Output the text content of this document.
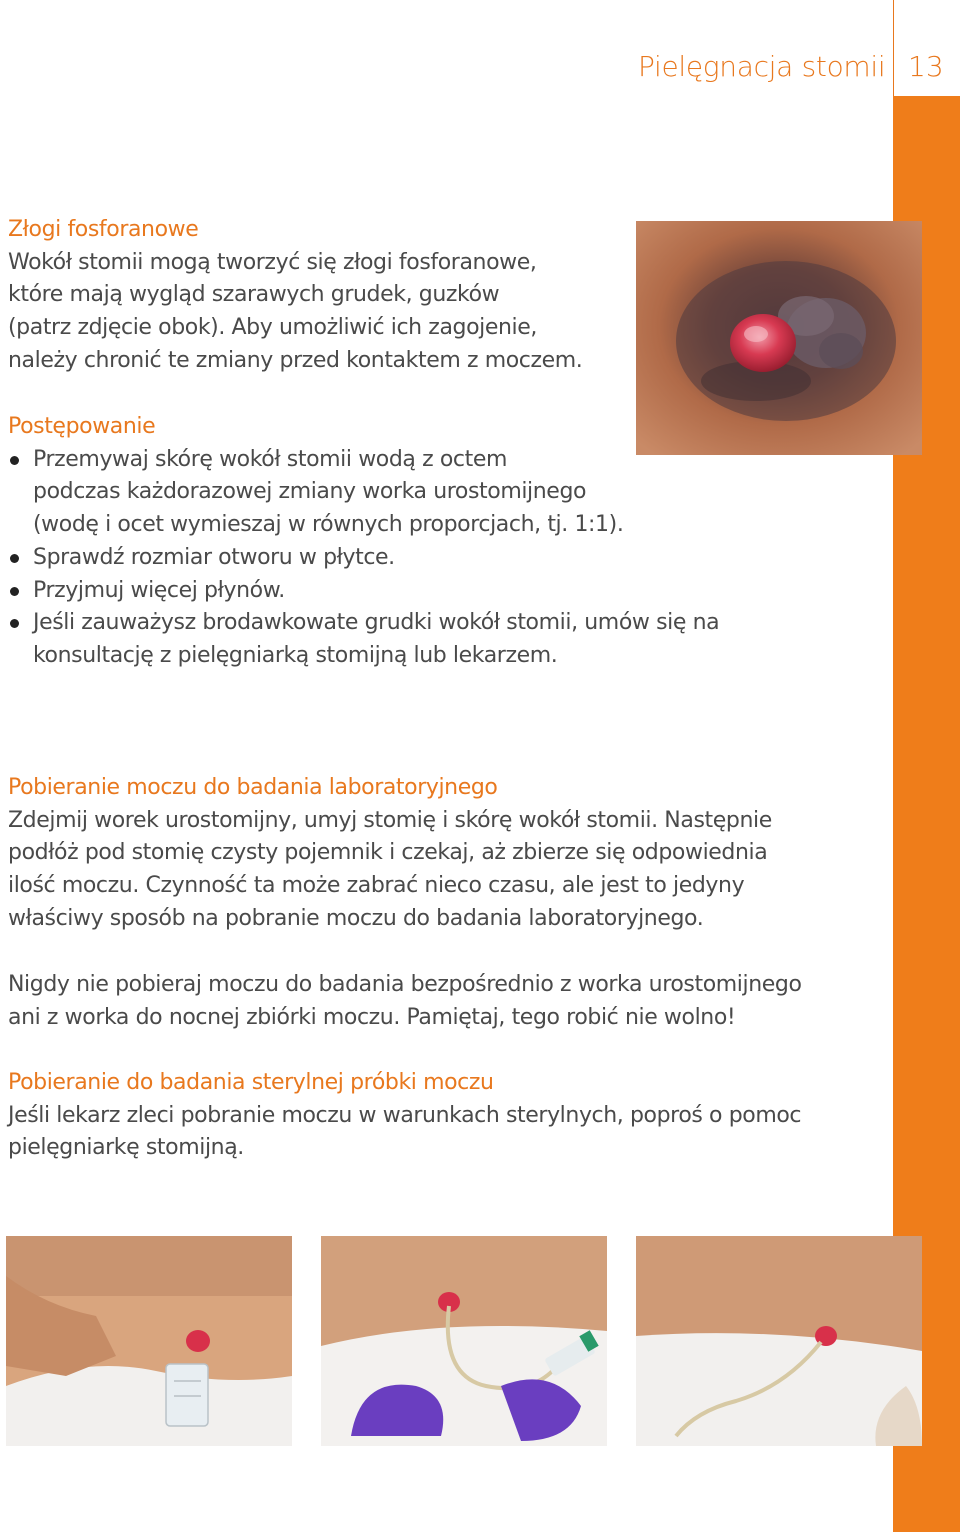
Pielęgnacja stomii 13

Złogi fosforanowe

Wokół stomii mogą tworzyć się złogi fosforanowe,

które mają wygląd szarawych grudek, guzków

(patrz zdjęcie obok). Aby umożliwić ich zagojenie,

należy chronić te zmiany przed kontaktem z moczem.

Postępowanie

Przemywaj skórę wokół stomii wodą z octem
podczas każdorazowej zmiany worka urostomijnego
(wodę i ocet wymieszaj w równych proporcjach, tj. 1:1).
Sprawdź rozmiar otworu w płytce.
Przyjmuj więcej płynów.
Jeśli zauważysz brodawkowate grudki wokół stomii, umów się na
konsultację z pielęgniarką stomijną lub lekarzem.

Pobieranie moczu do badania laboratoryjnego

Zdejmij worek urostomijny, umyj stomię i skórę wokół stomii. Następnie

podłóż pod stomię czysty pojemnik i czekaj, aż zbierze się odpowiednia

ilość moczu. Czynność ta może zabrać nieco czasu, ale jest to jedyny

właściwy sposób na pobranie moczu do badania laboratoryjnego.

Nigdy nie pobieraj moczu do badania bezpośrednio z worka urostomijnego

ani z worka do nocnej zbiórki moczu. Pamiętaj, tego robić nie wolno!

Pobieranie do badania sterylnej próbki moczu

Jeśli lekarz zleci pobranie moczu w warunkach sterylnych, poproś o pomoc

pielęgniarkę stomijną.
